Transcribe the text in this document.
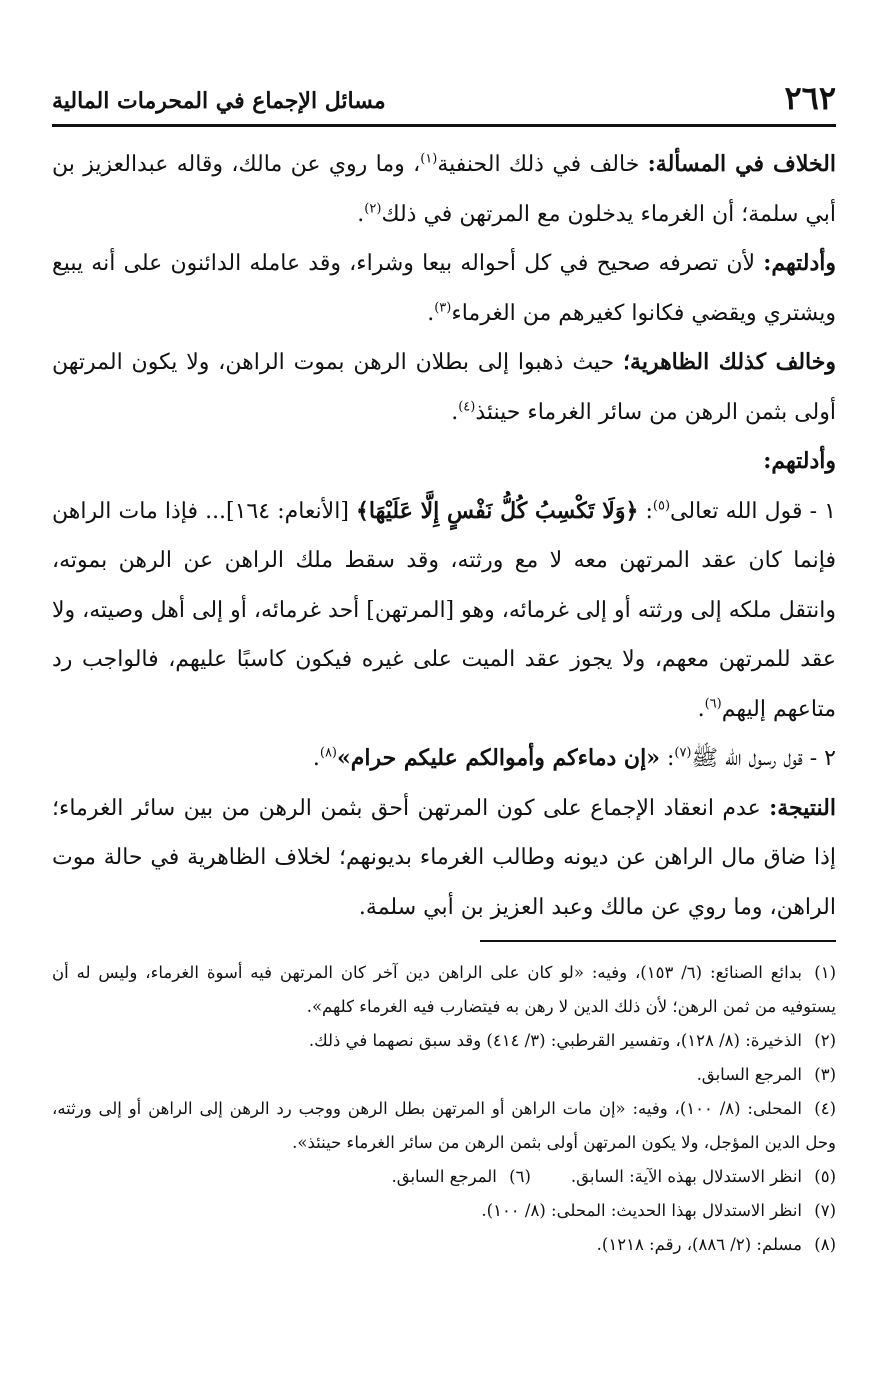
٢٦٢
مسائل الإجماع في المحرمات المالية

الخلاف في المسألة: خالف في ذلك الحنفية$^{(١)}$، وما روي عن مالك، وقاله عبدالعزيز بن أبي سلمة؛ أن الغرماء يدخلون مع المرتهن في ذلك$^{(٢)}$.

وأدلتهم: لأن تصرفه صحيح في كل أحواله بيعا وشراء، وقد عامله الدائنون على أنه يبيع ويشتري ويقضي فكانوا كغيرهم من الغرماء$^{(٣)}$.

وخالف كذلك الظاهرية؛ حيث ذهبوا إلى بطلان الرهن بموت الراهن، ولا يكون المرتهن أولى بثمن الرهن من سائر الغرماء حينئذ$^{(٤)}$.

وأدلتهم:

١ - قول الله تعالى$^{(٥)}$: ﴿وَلَا تَكْسِبُ كُلُّ نَفْسٍ إِلَّا عَلَيْهَا﴾ [الأنعام: ١٦٤]... فإذا مات الراهن فإنما كان عقد المرتهن معه لا مع ورثته، وقد سقط ملك الراهن عن الرهن بموته، وانتقل ملكه إلى ورثته أو إلى غرمائه، وهو [المرتهن] أحد غرمائه، أو إلى أهل وصيته، ولا عقد للمرتهن معهم، ولا يجوز عقد الميت على غيره فيكون كاسبًا عليهم، فالواجب رد متاعهم إليهم$^{(٦)}$.

٢ - قول رسول الله ﷺ$^{(٧)}$: «إن دماءكم وأموالكم عليكم حرام»$^{(٨)}$.

النتيجة: عدم انعقاد الإجماع على كون المرتهن أحق بثمن الرهن من بين سائر الغرماء؛ إذا ضاق مال الراهن عن ديونه وطالب الغرماء بديونهم؛ لخلاف الظاهرية في حالة موت الراهن، وما روي عن مالك وعبد العزيز بن أبي سلمة.

(١)بدائع الصنائع: (٦/ ١٥٣)، وفيه: «لو كان على الراهن دين آخر كان المرتهن فيه أسوة الغرماء، وليس له أن يستوفيه من ثمن الرهن؛ لأن ذلك الدين لا رهن به فيتضارب فيه الغرماء كلهم».

(٢)الذخيرة: (٨/ ١٢٨)، وتفسير القرطبي: (٣/ ٤١٤) وقد سبق نصهما في ذلك.

(٣)المرجع السابق.

(٤)المحلى: (٨/ ١٠٠)، وفيه: «إن مات الراهن أو المرتهن بطل الرهن ووجب رد الرهن إلى الراهن أو إلى ورثته، وحل الدين المؤجل، ولا يكون المرتهن أولى بثمن الرهن من سائر الغرماء حينئذ».

(٥)انظر الاستدلال بهذه الآية: السابق.

(٦)المرجع السابق.

(٧)انظر الاستدلال بهذا الحديث: المحلى: (٨/ ١٠٠).

(٨)مسلم: (٢/ ٨٨٦)، رقم: ١٢١٨).
